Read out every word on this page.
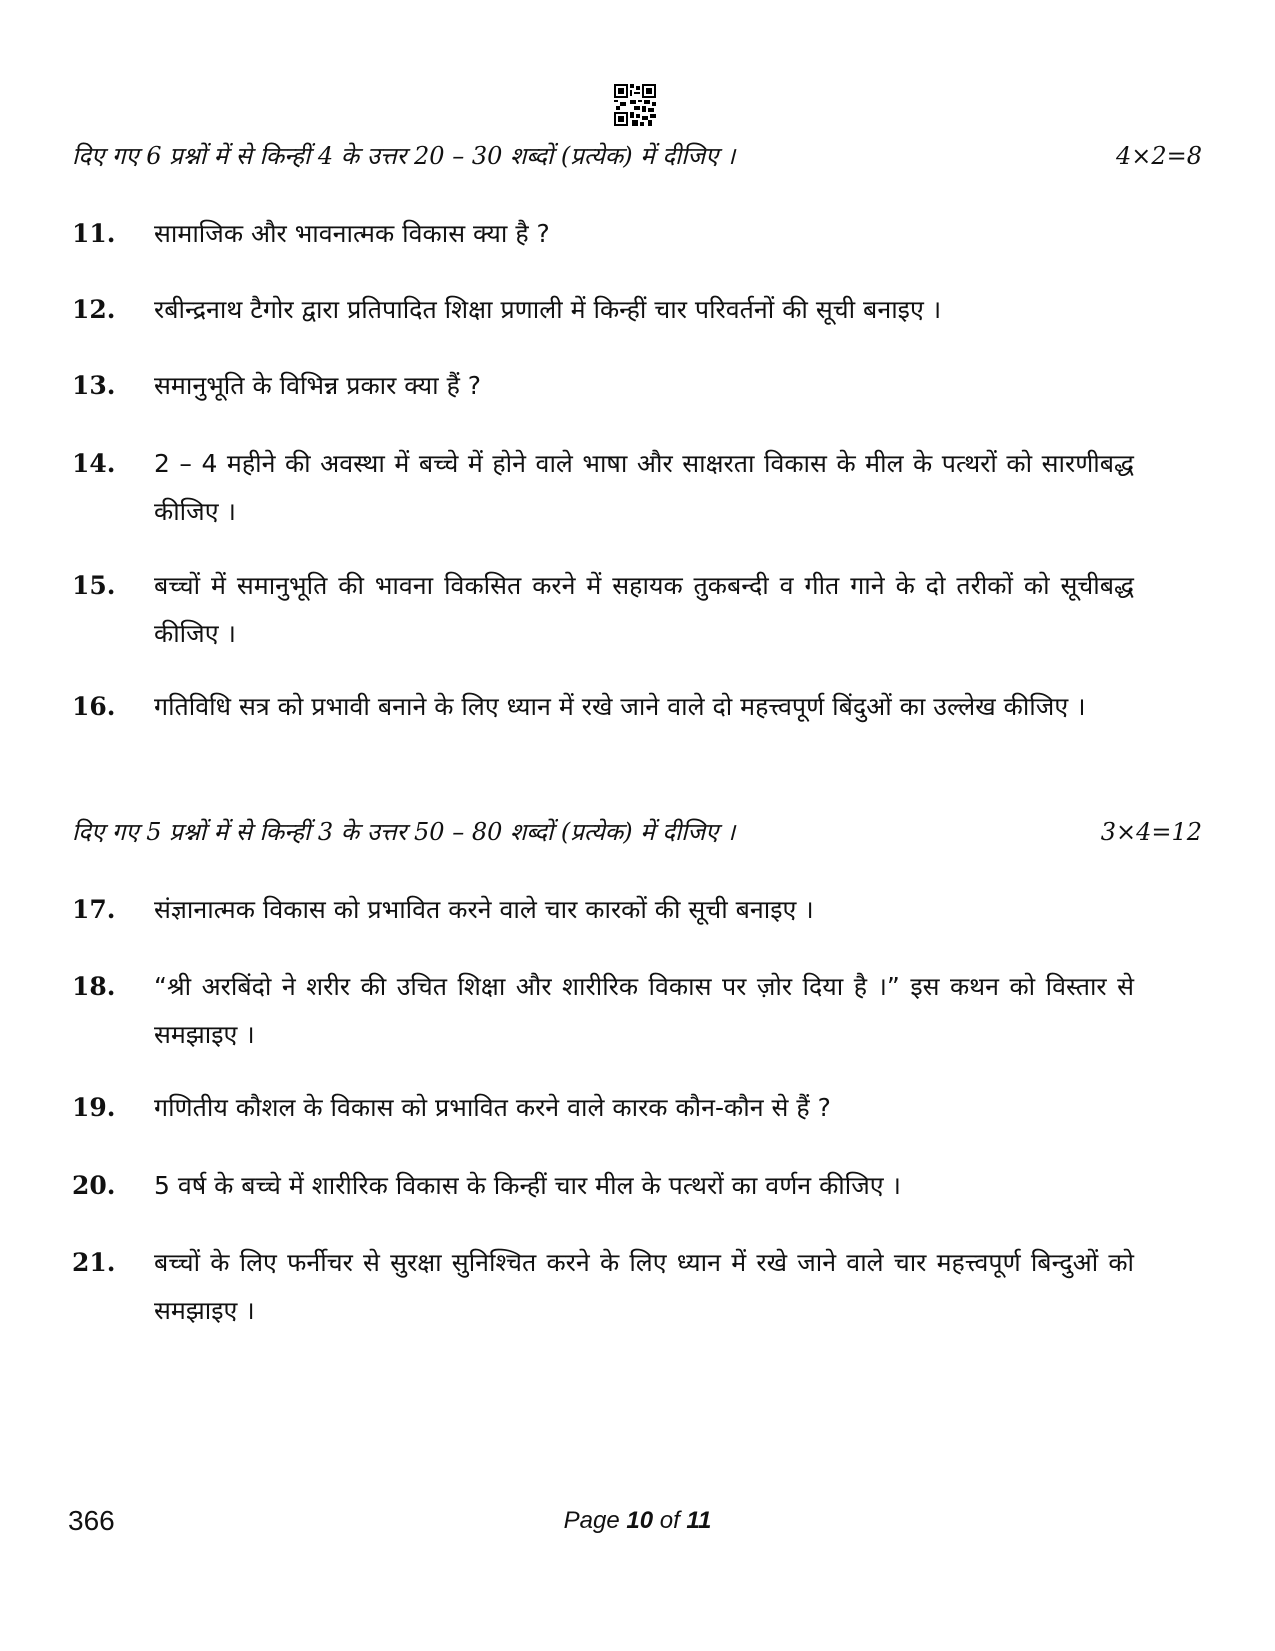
दिए गए 6 प्रश्नों में से किन्हीं 4 के उत्तर 20 – 30 शब्दों (प्रत्येक) में दीजिए ।	4×2=8
11. सामाजिक और भावनात्मक विकास क्या है ?
12. रबीन्द्रनाथ टैगोर द्वारा प्रतिपादित शिक्षा प्रणाली में किन्हीं चार परिवर्तनों की सूची बनाइए ।
13. समानुभूति के विभिन्न प्रकार क्या हैं ?
14. 2 – 4 महीने की अवस्था में बच्चे में होने वाले भाषा और साक्षरता विकास के मील के पत्थरों को सारणीबद्ध कीजिए ।
15. बच्चों में समानुभूति की भावना विकसित करने में सहायक तुकबन्दी व गीत गाने के दो तरीकों को सूचीबद्ध कीजिए ।
16. गतिविधि सत्र को प्रभावी बनाने के लिए ध्यान में रखे जाने वाले दो महत्त्वपूर्ण बिंदुओं का उल्लेख कीजिए ।
दिए गए 5 प्रश्नों में से किन्हीं 3 के उत्तर 50 – 80 शब्दों (प्रत्येक) में दीजिए ।	3×4=12
17. संज्ञानात्मक विकास को प्रभावित करने वाले चार कारकों की सूची बनाइए ।
18. “श्री अरबिंदो ने शरीर की उचित शिक्षा और शारीरिक विकास पर ज़ोर दिया है ।” इस कथन को विस्तार से समझाइए ।
19. गणितीय कौशल के विकास को प्रभावित करने वाले कारक कौन-कौन से हैं ?
20. 5 वर्ष के बच्चे में शारीरिक विकास के किन्हीं चार मील के पत्थरों का वर्णन कीजिए ।
21. बच्चों के लिए फर्नीचर से सुरक्षा सुनिश्चित करने के लिए ध्यान में रखे जाने वाले चार महत्त्वपूर्ण बिन्दुओं को समझाइए ।
366	Page 10 of 11
